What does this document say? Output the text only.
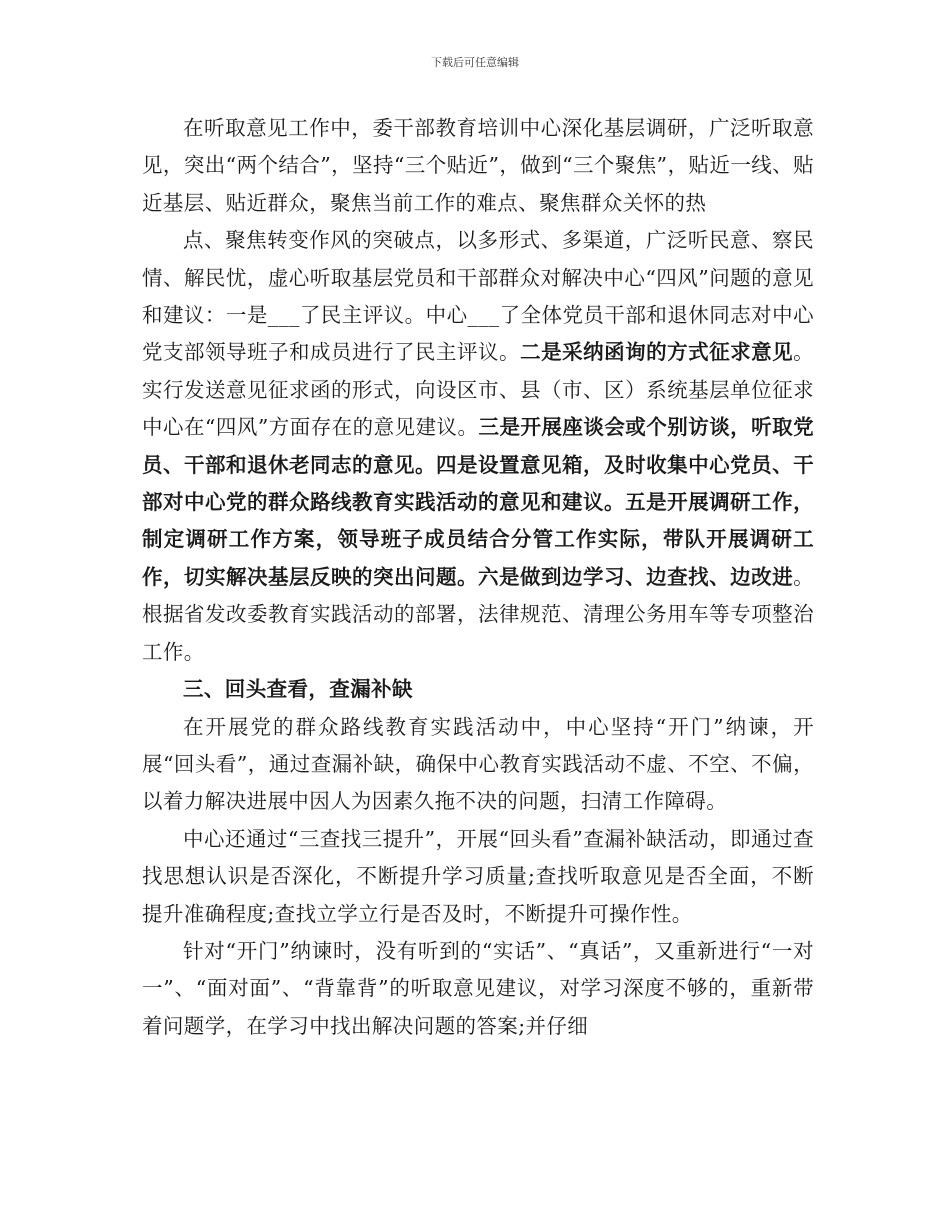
下载后可任意编辑

在听取意见工作中，委干部教育培训中心深化基层调研，广泛听取意见，突出“两个结合”，坚持“三个贴近”，做到“三个聚焦”，贴近一线、贴近基层、贴近群众，聚焦当前工作的难点、聚焦群众关怀的热

点、聚焦转变作风的突破点，以多形式、多渠道，广泛听民意、察民情、解民忧，虚心听取基层党员和干部群众对解决中心“四风”问题的意见和建议：一是___了民主评议。中心___了全体党员干部和退休同志对中心党支部领导班子和成员进行了民主评议。二是采纳函询的方式征求意见。实行发送意见征求函的形式，向设区市、县（市、区）系统基层单位征求中心在“四风”方面存在的意见建议。三是开展座谈会或个别访谈，听取党员、干部和退休老同志的意见。四是设置意见箱，及时收集中心党员、干部对中心党的群众路线教育实践活动的意见和建议。五是开展调研工作，制定调研工作方案，领导班子成员结合分管工作实际，带队开展调研工作，切实解决基层反映的突出问题。六是做到边学习、边查找、边改进。根据省发改委教育实践活动的部署，法律规范、清理公务用车等专项整治工作。

三、回头查看，查漏补缺

在开展党的群众路线教育实践活动中，中心坚持“开门”纳谏，开展“回头看”，通过查漏补缺，确保中心教育实践活动不虚、不空、不偏，以着力解决进展中因人为因素久拖不决的问题，扫清工作障碍。

中心还通过“三查找三提升”，开展“回头看”查漏补缺活动，即通过查找思想认识是否深化，不断提升学习质量;查找听取意见是否全面，不断提升准确程度;查找立学立行是否及时，不断提升可操作性。

针对“开门”纳谏时，没有听到的“实话”、“真话”，又重新进行“一对一”、“面对面”、“背靠背”的听取意见建议，对学习深度不够的，重新带着问题学，在学习中找出解决问题的答案;并仔细
